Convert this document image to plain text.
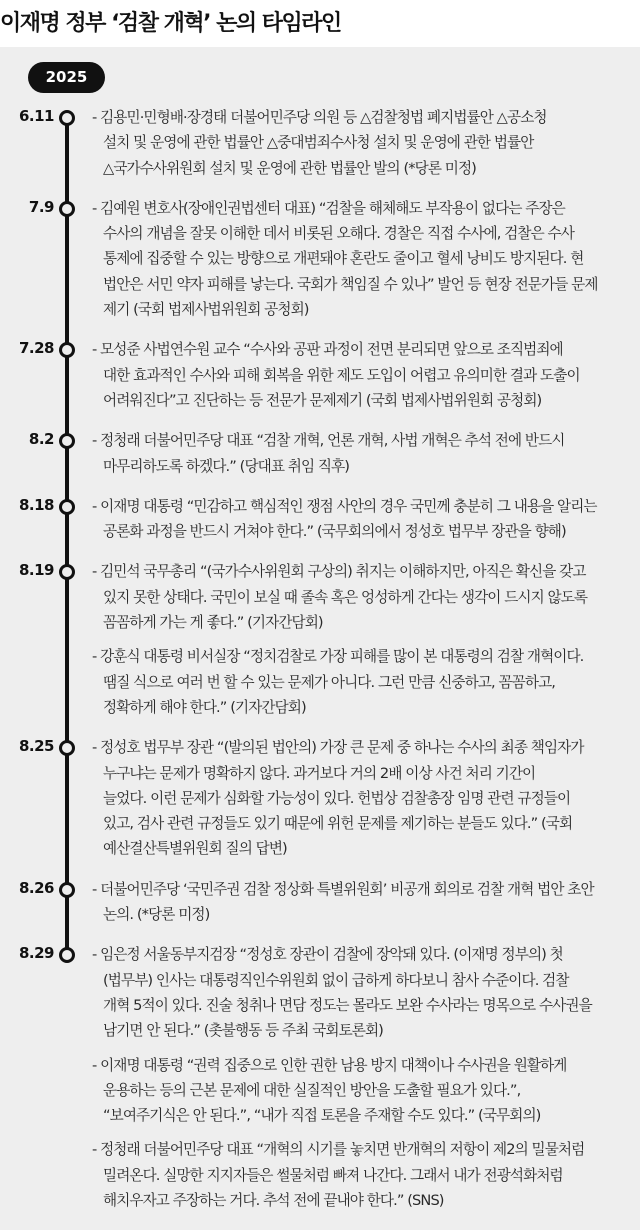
이재명 정부 ‘검찰 개혁’ 논의 타임라인
2025
6.11	- 김용민·민형배·장경태 더불어민주당 의원 등 △검찰청법 폐지법률안 △공소청
설치 및 운영에 관한 법률안 △중대범죄수사청 설치 및 운영에 관한 법률안
△국가수사위원회 설치 및 운영에 관한 법률안 발의 (*당론 미정)
7.9	- 김예원 변호사(장애인권법센터 대표) “검찰을 해체해도 부작용이 없다는 주장은
수사의 개념을 잘못 이해한 데서 비롯된 오해다. 경찰은 직접 수사에, 검찰은 수사
통제에 집중할 수 있는 방향으로 개편돼야 혼란도 줄이고 혈세 낭비도 방지된다. 현
법안은 서민 약자 피해를 낳는다. 국회가 책임질 수 있나” 발언 등 현장 전문가들 문제
제기 (국회 법제사법위원회 공청회)
7.28	- 모성준 사법연수원 교수 “수사와 공판 과정이 전면 분리되면 앞으로 조직범죄에
대한 효과적인 수사와 피해 회복을 위한 제도 도입이 어렵고 유의미한 결과 도출이
어려워진다”고 진단하는 등 전문가 문제제기 (국회 법제사법위원회 공청회)
8.2	- 정청래 더불어민주당 대표 “검찰 개혁, 언론 개혁, 사법 개혁은 추석 전에 반드시
마무리하도록 하겠다.” (당대표 취임 직후)
8.18	- 이재명 대통령 “민감하고 핵심적인 쟁점 사안의 경우 국민께 충분히 그 내용을 알리는
공론화 과정을 반드시 거쳐야 한다.” (국무회의에서 정성호 법무부 장관을 향해)
8.19	- 김민석 국무총리 “(국가수사위원회 구상의) 취지는 이해하지만, 아직은 확신을 갖고
있지 못한 상태다. 국민이 보실 때 졸속 혹은 엉성하게 간다는 생각이 드시지 않도록
꼼꼼하게 가는 게 좋다.” (기자간담회)
- 강훈식 대통령 비서실장 “정치검찰로 가장 피해를 많이 본 대통령의 검찰 개혁이다.
땜질 식으로 여러 번 할 수 있는 문제가 아니다. 그런 만큼 신중하고, 꼼꼼하고,
정확하게 해야 한다.” (기자간담회)
8.25	- 정성호 법무부 장관 “(발의된 법안의) 가장 큰 문제 중 하나는 수사의 최종 책임자가
누구냐는 문제가 명확하지 않다. 과거보다 거의 2배 이상 사건 처리 기간이
늘었다. 이런 문제가 심화할 가능성이 있다. 헌법상 검찰총장 임명 관련 규정들이
있고, 검사 관련 규정들도 있기 때문에 위헌 문제를 제기하는 분들도 있다.” (국회
예산결산특별위원회 질의 답변)
8.26	- 더불어민주당 ‘국민주권 검찰 정상화 특별위원회’ 비공개 회의로 검찰 개혁 법안 초안
논의. (*당론 미정)
8.29	- 임은정 서울동부지검장 “정성호 장관이 검찰에 장악돼 있다. (이재명 정부의) 첫
(법무부) 인사는 대통령직인수위원회 없이 급하게 하다보니 참사 수준이다. 검찰
개혁 5적이 있다. 진술 청취나 면담 정도는 몰라도 보완 수사라는 명목으로 수사권을
남기면 안 된다.” (촛불행동 등 주최 국회토론회)
- 이재명 대통령 “권력 집중으로 인한 권한 남용 방지 대책이나 수사권을 원활하게
운용하는 등의 근본 문제에 대한 실질적인 방안을 도출할 필요가 있다.”,
“보여주기식은 안 된다.”, “내가 직접 토론을 주재할 수도 있다.” (국무회의)
- 정청래 더불어민주당 대표 “개혁의 시기를 놓치면 반개혁의 저항이 제2의 밀물처럼
밀려온다. 실망한 지지자들은 썰물처럼 빠져 나간다. 그래서 내가 전광석화처럼
해치우자고 주장하는 거다. 추석 전에 끝내야 한다.” (SNS)
